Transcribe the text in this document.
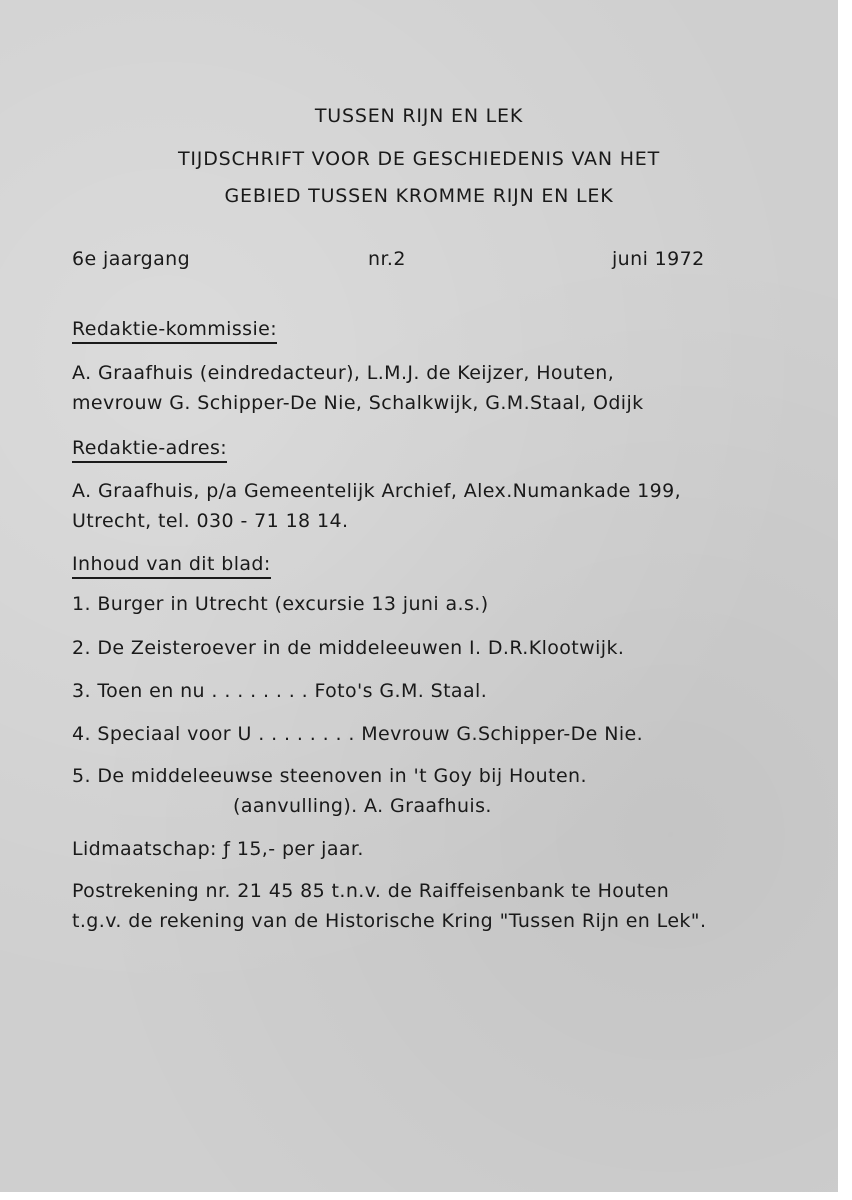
TUSSEN RIJN EN LEK
TIJDSCHRIFT VOOR DE GESCHIEDENIS VAN HET
GEBIED TUSSEN KROMME RIJN EN LEK
6e jaargang	nr.2	juni 1972
Redaktie-kommissie:
A. Graafhuis (eindredacteur), L.M.J. de Keijzer, Houten,
mevrouw G. Schipper-De Nie, Schalkwijk, G.M.Staal, Odijk
Redaktie-adres:
A. Graafhuis, p/a Gemeentelijk Archief, Alex.Numankade 199,
Utrecht, tel. 030 - 71 18 14.
Inhoud van dit blad:
1. Burger in Utrecht (excursie 13 juni a.s.)
2. De Zeisteroever in de middeleeuwen I. D.R.Klootwijk.
3. Toen en nu . . . . . . . . Foto's G.M. Staal.
4. Speciaal voor U . . . . . . . . Mevrouw G.Schipper-De Nie.
5. De middeleeuwse steenoven in 't Goy bij Houten.
(aanvulling). A. Graafhuis.
Lidmaatschap: ƒ 15,- per jaar.
Postrekening nr. 21 45 85 t.n.v. de Raiffeisenbank te Houten
t.g.v. de rekening van de Historische Kring "Tussen Rijn en Lek".
